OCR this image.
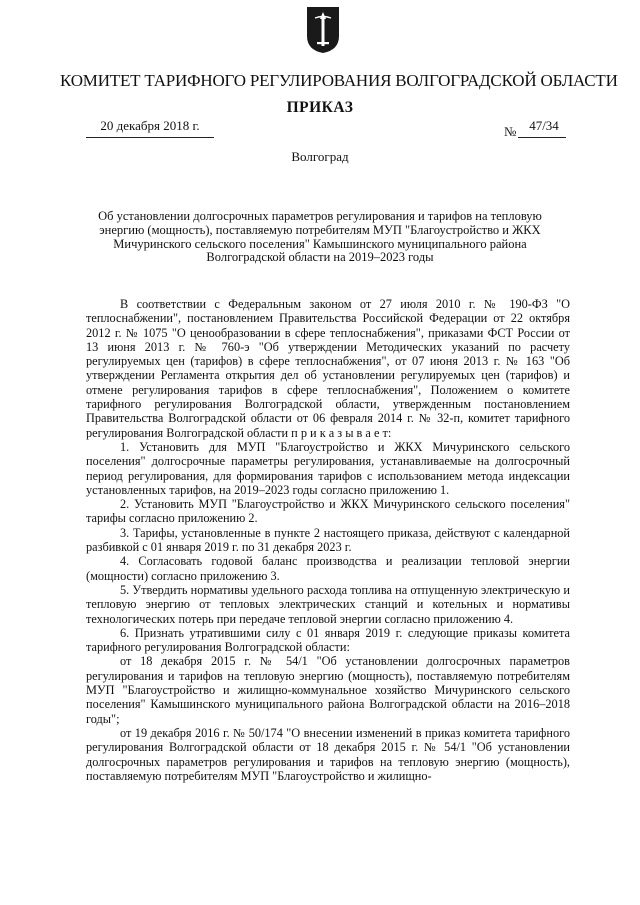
КОМИТЕТ ТАРИФНОГО РЕГУЛИРОВАНИЯ ВОЛГОГРАДСКОЙ ОБЛАСТИ
ПРИКАЗ
20 декабря 2018 г.	№ 47/34
Волгоград
Об установлении долгосрочных параметров регулирования и тарифов на тепловую энергию (мощность), поставляемую потребителям МУП "Благоустройство и ЖКХ Мичуринского сельского поселения" Камышинского муниципального района Волгоградской области на 2019–2023 годы

В соответствии с Федеральным законом от 27 июля 2010 г. № 190-ФЗ "О теплоснабжении", постановлением Правительства Российской Федерации от 22 октября 2012 г. № 1075 "О ценообразовании в сфере теплоснабжения", приказами ФСТ России от 13 июня 2013 г. № 760-э "Об утверждении Методических указаний по расчету регулируемых цен (тарифов) в сфере теплоснабжения", от 07 июня 2013 г. № 163 "Об утверждении Регламента открытия дел об установлении регулируемых цен (тарифов) и отмене регулирования тарифов в сфере теплоснабжения", Положением о комитете тарифного регулирования Волгоградской области, утвержденным постановлением Правительства Волгоградской области от 06 февраля 2014 г. № 32-п, комитет тарифного регулирования Волгоградской области п р и к а з ы в а е т:

1. Установить для МУП "Благоустройство и ЖКХ Мичуринского сельского поселения" долгосрочные параметры регулирования, устанавливаемые на долгосрочный период регулирования, для формирования тарифов с использованием метода индексации установленных тарифов, на 2019–2023 годы согласно приложению 1.

2. Установить МУП "Благоустройство и ЖКХ Мичуринского сельского поселения" тарифы согласно приложению 2.

3. Тарифы, установленные в пункте 2 настоящего приказа, действуют с календарной разбивкой с 01 января 2019 г. по 31 декабря 2023 г.

4. Согласовать годовой баланс производства и реализации тепловой энергии (мощности) согласно приложению 3.

5. Утвердить нормативы удельного расхода топлива на отпущенную электрическую и тепловую энергию от тепловых электрических станций и котельных и нормативы технологических потерь при передаче тепловой энергии согласно приложению 4.

6. Признать утратившими силу с 01 января 2019 г. следующие приказы комитета тарифного регулирования Волгоградской области:

от 18 декабря 2015 г. № 54/1 "Об установлении долгосрочных параметров регулирования и тарифов на тепловую энергию (мощность), поставляемую потребителям МУП "Благоустройство и жилищно-коммунальное хозяйство Мичуринского сельского поселения" Камышинского муниципального района Волгоградской области на 2016–2018 годы";

от 19 декабря 2016 г. № 50/174 "О внесении изменений в приказ комитета тарифного регулирования Волгоградской области от 18 декабря 2015 г. № 54/1 "Об установлении долгосрочных параметров регулирования и тарифов на тепловую энергию (мощность), поставляемую потребителям МУП "Благоустройство и жилищно-
